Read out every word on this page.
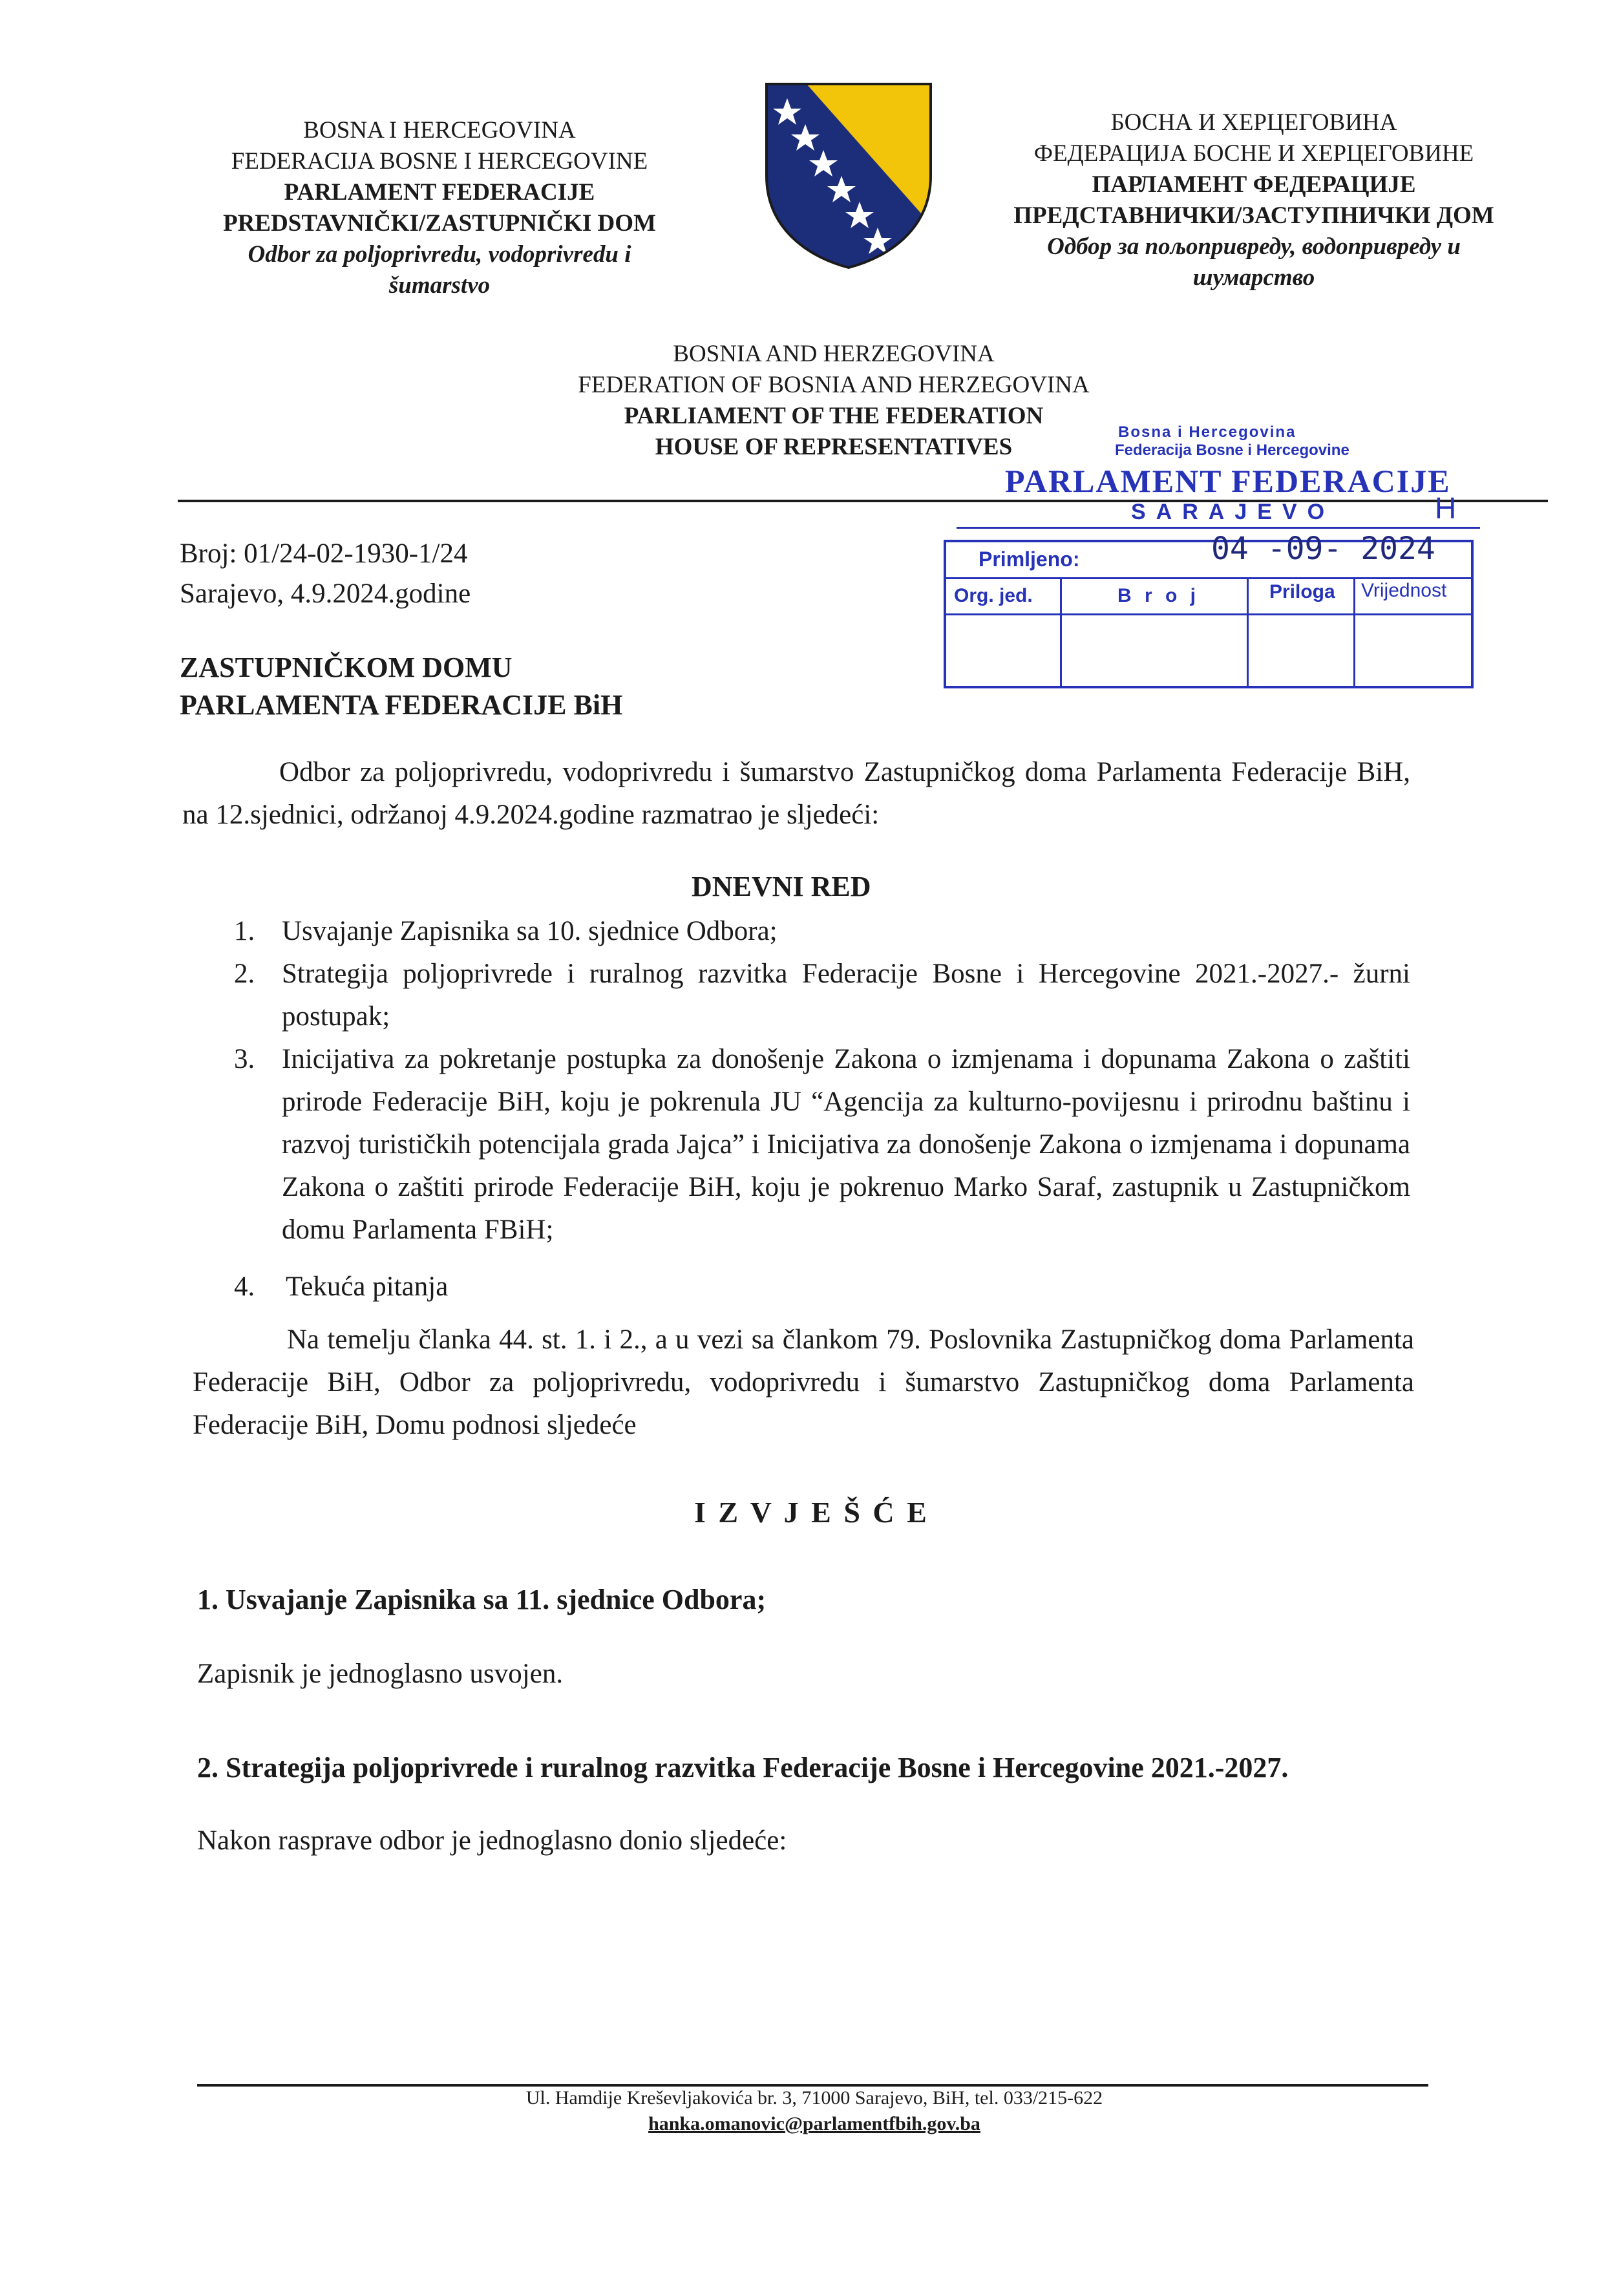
BOSNA I HERCEGOVINA
FEDERACIJA BOSNE I HERCEGOVINE
PARLAMENT FEDERACIJE
PREDSTAVNIČKI/ZASTUPNIČKI DOM
Odbor za poljoprivredu, vodoprivredu i
šumarstvo
БОСНА И ХЕРЦЕГОВИНА
ФЕДЕРАЦИЈА БОСНЕ И ХЕРЦЕГОВИНЕ
ПАРЛАМЕНТ ФЕДЕРАЦИЈЕ
ПРЕДСТАВНИЧКИ/ЗАСТУПНИЧКИ ДОМ
Одбор за пољопривреду, водопривреду и
шумарство
BOSNIA AND HERZEGOVINA
FEDERATION OF BOSNIA AND HERZEGOVINA
PARLIAMENT OF THE FEDERATION
HOUSE OF REPRESENTATIVES
Bosna i Hercegovina
Federacija Bosne i Hercegovine
PARLAMENT FEDERACIJE
SARAJEVO	H
Primljeno:	04 -09- 2024
Org. jed.	B r o j	Priloga Vrijednost
Broj: 01/24-02-1930-1/24
Sarajevo, 4.9.2024.godine
ZASTUPNIČKOM DOMU
PARLAMENTA FEDERACIJE BiH
Odbor za poljoprivredu, vodoprivredu i šumarstvo Zastupničkog doma Parlamenta Federacije BiH, na 12.sjednici, održanoj 4.9.2024.godine razmatrao je sljedeći:
DNEVNI RED
1. Usvajanje Zapisnika sa 10. sjednice Odbora;
2. Strategija poljoprivrede i ruralnog razvitka Federacije Bosne i Hercegovine 2021.-2027.- žurni postupak;
3. Inicijativa za pokretanje postupka za donošenje Zakona o izmjenama i dopunama Zakona o zaštiti prirode Federacije BiH, koju je pokrenula JU “Agencija za kulturno-povijesnu i prirodnu baštinu i razvoj turističkih potencijala grada Jajca” i Inicijativa za donošenje Zakona o izmjenama i dopunama Zakona o zaštiti prirode Federacije BiH, koju je pokrenuo Marko Saraf, zastupnik u Zastupničkom domu Parlamenta FBiH;
4. Tekuća pitanja
Na temelju članka 44. st. 1. i 2., a u vezi sa člankom 79. Poslovnika Zastupničkog doma Parlamenta Federacije BiH, Odbor za poljoprivredu, vodoprivredu i šumarstvo Zastupničkog doma Parlamenta Federacije BiH, Domu podnosi sljedeće
I Z V J E Š Ć E
1. Usvajanje Zapisnika sa 11. sjednice Odbora;
Zapisnik je jednoglasno usvojen.
2. Strategija poljoprivrede i ruralnog razvitka Federacije Bosne i Hercegovine 2021.-2027.
Nakon rasprave odbor je jednoglasno donio sljedeće:
Ul. Hamdije Kreševljakovića br. 3, 71000 Sarajevo, BiH, tel. 033/215-622
hanka.omanovic@parlamentfbih.gov.ba
